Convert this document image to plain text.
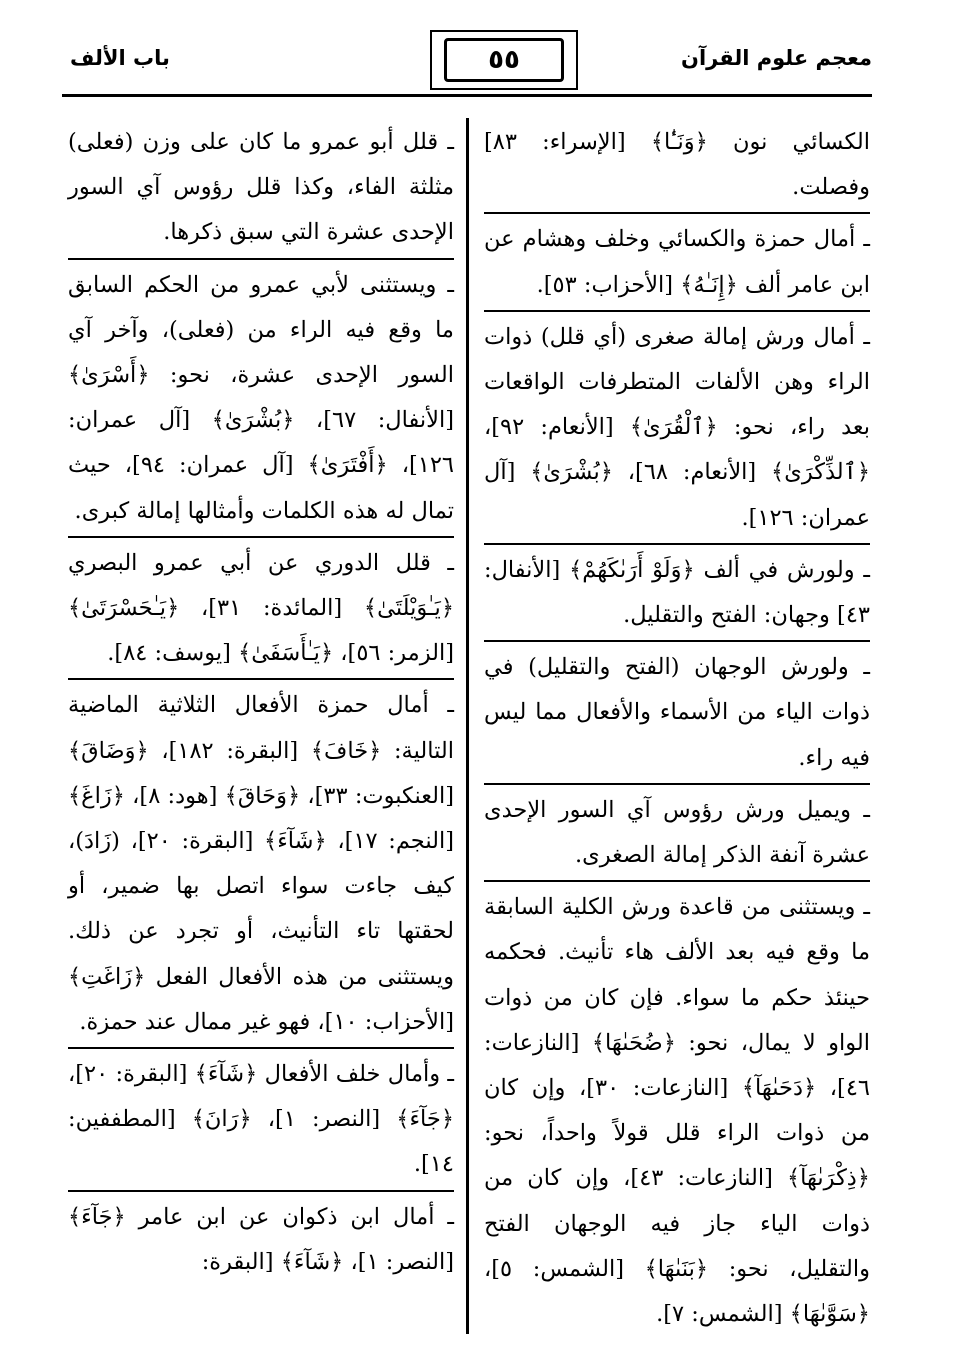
معجم علوم القرآن
٥٥
باب الألف

الكسائي نون ﴿وَنَـٰٔا﴾ [الإسراء: ٨٣] وفصلت.

ـ أمال حمزة والكسائي وخلف وهشام عن ابن عامر ألف ﴿إِنَـٰهُ﴾ [الأحزاب: ٥٣].

ـ أمال ورش إمالة صغرى (أي قلل) ذوات الراء وهن الألفات المتطرفات الواقعات بعد راء، نحو: ﴿ٱلْقُرَىٰ﴾ [الأنعام: ٩٢]، ﴿ٱلذِّكْرَىٰ﴾ [الأنعام: ٦٨]، ﴿بُشْرَىٰ﴾ [آل عمران: ١٢٦].

ـ ولورش في ألف ﴿وَلَوْ أَرَىٰكَهُمْ﴾ [الأنفال: ٤٣] وجهان: الفتح والتقليل.

ـ ولورش الوجهان (الفتح والتقليل) في ذوات الياء من الأسماء والأفعال مما ليس فيه راء.

ـ ويميل ورش رؤوس آي السور الإحدى عشرة آنفة الذكر إمالة الصغرى.

ـ ويستثنى من قاعدة ورش الكلية السابقة ما وقع فيه بعد الألف هاء تأنيث. فحكمه حينئذ حكم ما سواء. فإن كان من ذوات الواو لا يمال، نحو: ﴿ضُحَىٰهَا﴾ [النازعات: ٤٦]، ﴿دَحَىٰهَآ﴾ [النازعات: ٣٠]، وإن كان من ذوات الراء قلل قولاً واحداً، نحو: ﴿ذِكْرَىٰهَآ﴾ [النازعات: ٤٣]، وإن كان من ذوات الياء جاز فيه الوجهان الفتح والتقليل، نحو: ﴿بَنَىٰهَا﴾ [الشمس: ٥]، ﴿سَوَّىٰهَا﴾ [الشمس: ٧].

ـ قلل أبو عمرو ما كان على وزن (فعلى) مثلثة الفاء، وكذا قلل رؤوس آي السور الإحدى عشرة التي سبق ذكرها.

ـ ويستثنى لأبي عمرو من الحكم السابق ما وقع فيه الراء من (فعلى)، وآخر آي السور الإحدى عشرة، نحو: ﴿أَسْرَىٰ﴾ [الأنفال: ٦٧]، ﴿بُشْرَىٰ﴾ [آل عمران: ١٢٦]، ﴿أَفْتَرَىٰ﴾ [آل عمران: ٩٤]، حيث تمال له هذه الكلمات وأمثالها إمالة كبرى.

ـ قلل الدوري عن أبي عمرو البصري ﴿يَـٰوَيْلَتَىٰ﴾ [المائدة: ٣١]، ﴿يَـٰحَسْرَتَىٰ﴾ [الزمر: ٥٦]، ﴿يَـٰأَسَفَىٰ﴾ [يوسف: ٨٤].

ـ أمال حمزة الأفعال الثلاثية الماضية التالية: ﴿خَافَ﴾ [البقرة: ١٨٢]، ﴿وَضَاقَ﴾ [العنكبوت: ٣٣]، ﴿وَحَاقَ﴾ [هود: ٨]، ﴿زَاغَ﴾ [النجم: ١٧]، ﴿شَآءَ﴾ [البقرة: ٢٠]، (زَادَ)، كيف جاءت سواء اتصل بها ضمير، أو لحقتها تاء التأنيث، أو تجرد عن ذلك. ويستثنى من هذه الأفعال الفعل ﴿زَاغَتِ﴾ [الأحزاب: ١٠]، فهو غير ممال عند حمزة.

ـ وأمال خلف الأفعال ﴿شَآءَ﴾ [البقرة: ٢٠]، ﴿جَآءَ﴾ [النصر: ١]، ﴿رَانَ﴾ [المطففين: ١٤].

ـ أمال ابن ذكوان عن ابن عامر ﴿جَآءَ﴾ [النصر: ١]، ﴿شَآءَ﴾ [البقرة:
